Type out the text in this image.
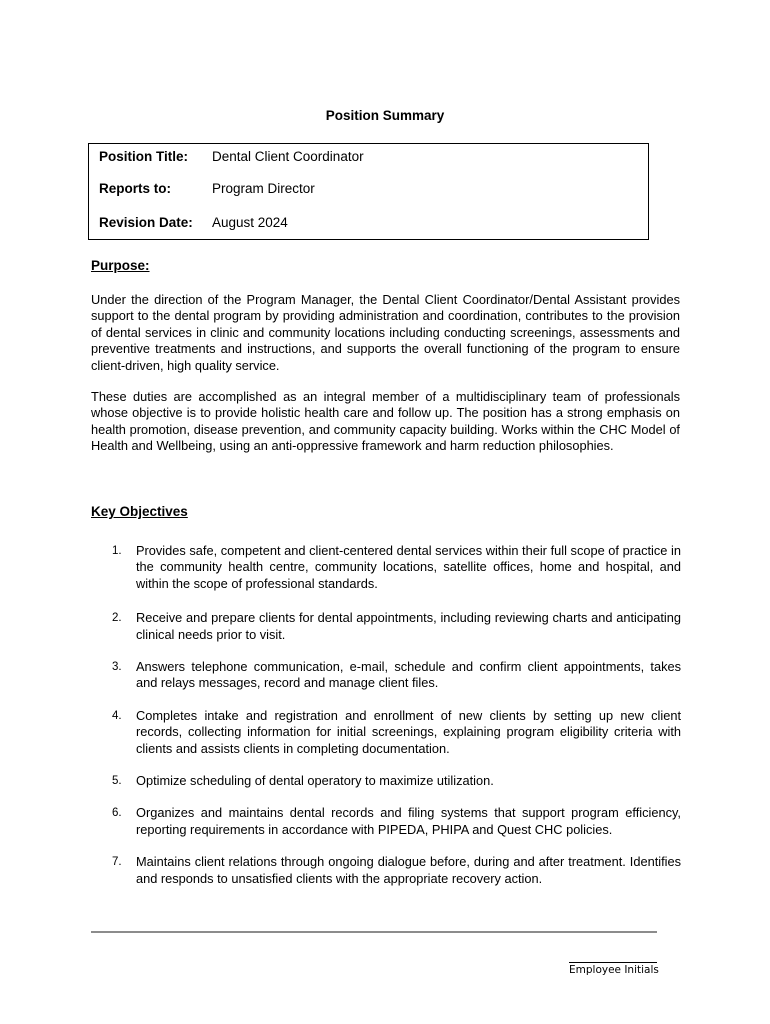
Position Summary
Position Title: Dental Client Coordinator
Reports to:	Program Director
Revision Date: August 2024
Purpose:

Under the direction of the Program Manager, the Dental Client Coordinator/Dental Assistant provides support to the dental program by providing administration and coordination, contributes to the provision of dental services in clinic and community locations including conducting screenings, assessments and preventive treatments and instructions, and supports the overall functioning of the program to ensure client-driven, high quality service.

These duties are accomplished as an integral member of a multidisciplinary team of professionals whose objective is to provide holistic health care and follow up. The position has a strong emphasis on health promotion, disease prevention, and community capacity building. Works within the CHC Model of Health and Wellbeing, using an anti-oppressive framework and harm reduction philosophies.

Key Objectives
1. Provides safe, competent and client-centered dental services within their full scope of practice in the community health centre, community locations, satellite offices, home and hospital, and within the scope of professional standards.
2. Receive and prepare clients for dental appointments, including reviewing charts and anticipating clinical needs prior to visit.
3. Answers telephone communication, e-mail, schedule and confirm client appointments, takes and relays messages, record and manage client files.
4. Completes intake and registration and enrollment of new clients by setting up new client records, collecting information for initial screenings, explaining program eligibility criteria with clients and assists clients in completing documentation.
5. Optimize scheduling of dental operatory to maximize utilization.
6. Organizes and maintains dental records and filing systems that support program efficiency, reporting requirements in accordance with PIPEDA, PHIPA and Quest CHC policies.
7. Maintains client relations through ongoing dialogue before, during and after treatment. Identifies and responds to unsatisfied clients with the appropriate recovery action.
Employee Initials
